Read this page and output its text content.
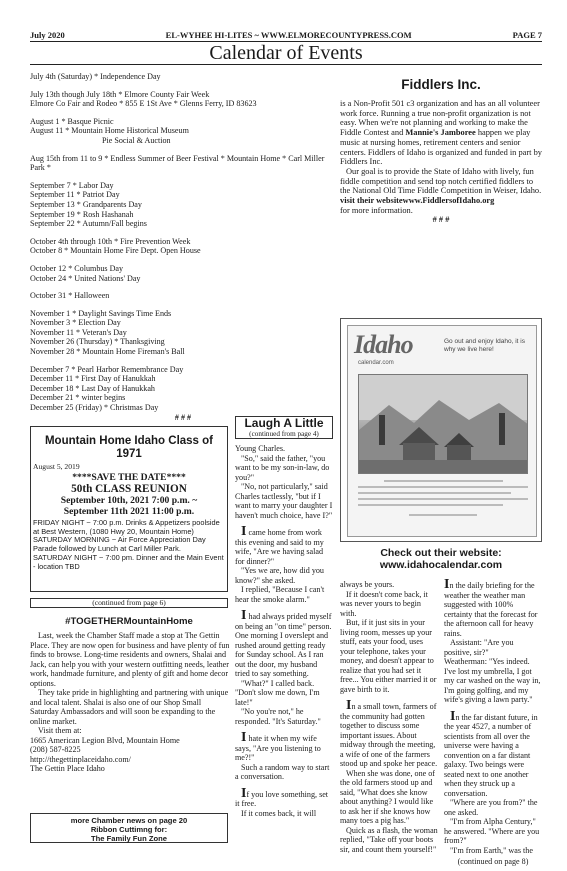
July 2020	EL-WYHEE HI-LITES ~ WWW.ELMORECOUNTYPRESS.COM	PAGE 7
Calendar of Events

July 4th (Saturday) * Independence Day

July 13th though July 18th * Elmore County Fair Week

Elmore Co Fair and Rodeo * 855 E 1St Ave * Glenns Ferry, ID 83623

August 1 * Basque Picnic

August 11 * Mountain Home Historical Museum

Pie Social & Auction

Aug 15th from 11 to 9 * Endless Summer of Beer Festival * Mountain Home * Carl Miller Park *

September 7 * Labor Day

September 11 * Patriot Day

September 13 * Grandparents Day

September 19 * Rosh Hashanah

September 22 * Autumn/Fall begins

October 4th through 10th * Fire Prevention Week

October 8 * Mountain Home Fire Dept. Open House

October 12 * Columbus Day

October 24 * United Nations' Day

October 31 * Halloween

November 1 * Daylight Savings Time Ends

November 3 * Election Day

November 11 * Veteran's Day

November 26 (Thursday) * Thanksgiving

November 28 * Mountain Home Fireman's Ball

December 7 * Pearl Harbor Remembrance Day

December 11 * First Day of Hanukkah

December 18 * Last Day of Hanukkah

December 21 * winter begins

December 25 (Friday) * Christmas Day

# # #

Fiddlers Inc.

is a Non-Profit 501 c3 organization and has an all volunteer work force. Running a true non-profit organization is not easy. When we're not planning and working to make the Fiddle Contest and Mannie's Jamboree happen we play music at nursing homes, retirement centers and senior centers. Fiddlers of Idaho is organized and funded in part by Fiddlers Inc.

Our goal is to provide the State of Idaho with lively, fun fiddle competition and send top notch certified fiddlers to the National Old Time Fiddle Competition in Weiser, Idaho.

visit their websitewww.FiddlersofIdaho.org

for more information.

# # #

Idaho
calendar.com
Go out and enjoy Idaho, it is why we live here!
Check out their website:
www.idahocalendar.com
Mountain Home Idaho Class of 1971
August 5, 2019
****SAVE THE DATE****
50th CLASS REUNION
September 10th, 2021 7:00 p.m. ~
September 11th 2021 11:00 p.m.
FRIDAY NIGHT ~ 7:00 p.m. Drinks & Appetizers poolside at Best Western, (1080 Hwy 20, Mountain Home)
SATURDAY MORNING ~ Air Force Appreciation Day Parade followed by Lunch at Carl Miller Park.
SATURDAY NIGHT ~ 7:00 pm. Dinner and the Main Event - location TBD
(continued from page 6)
#TOGETHERMountainHome

Last, week the Chamber Staff made a stop at The Gettin Place. They are now open for business and have plenty of fun finds to browse. Long-time residents and owners, Shalai and Jack, can help you with your western outfitting needs, leather work, handmade furniture, and plenty of gift and home decor options.

They take pride in highlighting and partnering with unique and local talent. Shalai is also one of our Shop Small Saturday Ambassadors and will soon be expanding to the online market.

Visit them at:

1665 American Legion Blvd, Mountain Home
(208) 587-8225
http://thegettinplaceidaho.com/
The Gettin Place Idaho
more Chamber news on page 20
Ribbon Cuttimng for:
The Family Fun Zone
Laugh A Little
(continued from page 4)

Young Charles.

"So," said the father, "you want to be my son-in-law, do you?"

"No, not particularly," said Charles tactlessly, "but if I want to marry your daughter I haven't much choice, have I?"

I came home from work this evening and said to my wife, "Are we having salad for dinner?"

"Yes we are, how did you know?" she asked.

I replied, "Because I can't hear the smoke alarm."

I had always prided myself on being an "on time" person. One morning I overslept and rushed around getting ready for Sunday school. As I ran out the door, my husband tried to say something.

"What?" I called back. "Don't slow me down, I'm late!"

"No you're not," he responded. "It's Saturday."

I hate it when my wife says, "Are you listening to me?!"

Such a random way to start a conversation.

If you love something, set it free.

If it comes back, it will

always be yours.

If it doesn't come back, it was never yours to begin with.

But, if it just sits in your living room, messes up your stuff, eats your food, uses your telephone, takes your money, and doesn't appear to realize that you had set it free... You either married it or gave birth to it.

In a small town, farmers of the community had gotten together to discuss some important issues. About midway through the meeting, a wife of one of the farmers stood up and spoke her peace.

When she was done, one of the old farmers stood up and said, "What does she know about anything? I would like to ask her if she knows how many toes a pig has."

Quick as a flash, the woman replied, "Take off your boots sir, and count them yourself!"

In the daily briefing for the weather the weather man suggested with 100% certainty that the forecast for the afternoon call for heavy rains.

Assistant: "Are you positive, sir?"

Weatherman: "Yes indeed. I've lost my umbrella, I got my car washed on the way in, I'm going golfing, and my wife's giving a lawn party."

In the far distant future, in the year 4527, a number of scientists from all over the universe were having a convention on a far distant galaxy. Two beings were seated next to one another when they struck up a conversation.

"Where are you from?" the one asked.

"I'm from Alpha Century," he answered. "Where are you from?"

"I'm from Earth," was the

(continued on page 8)
